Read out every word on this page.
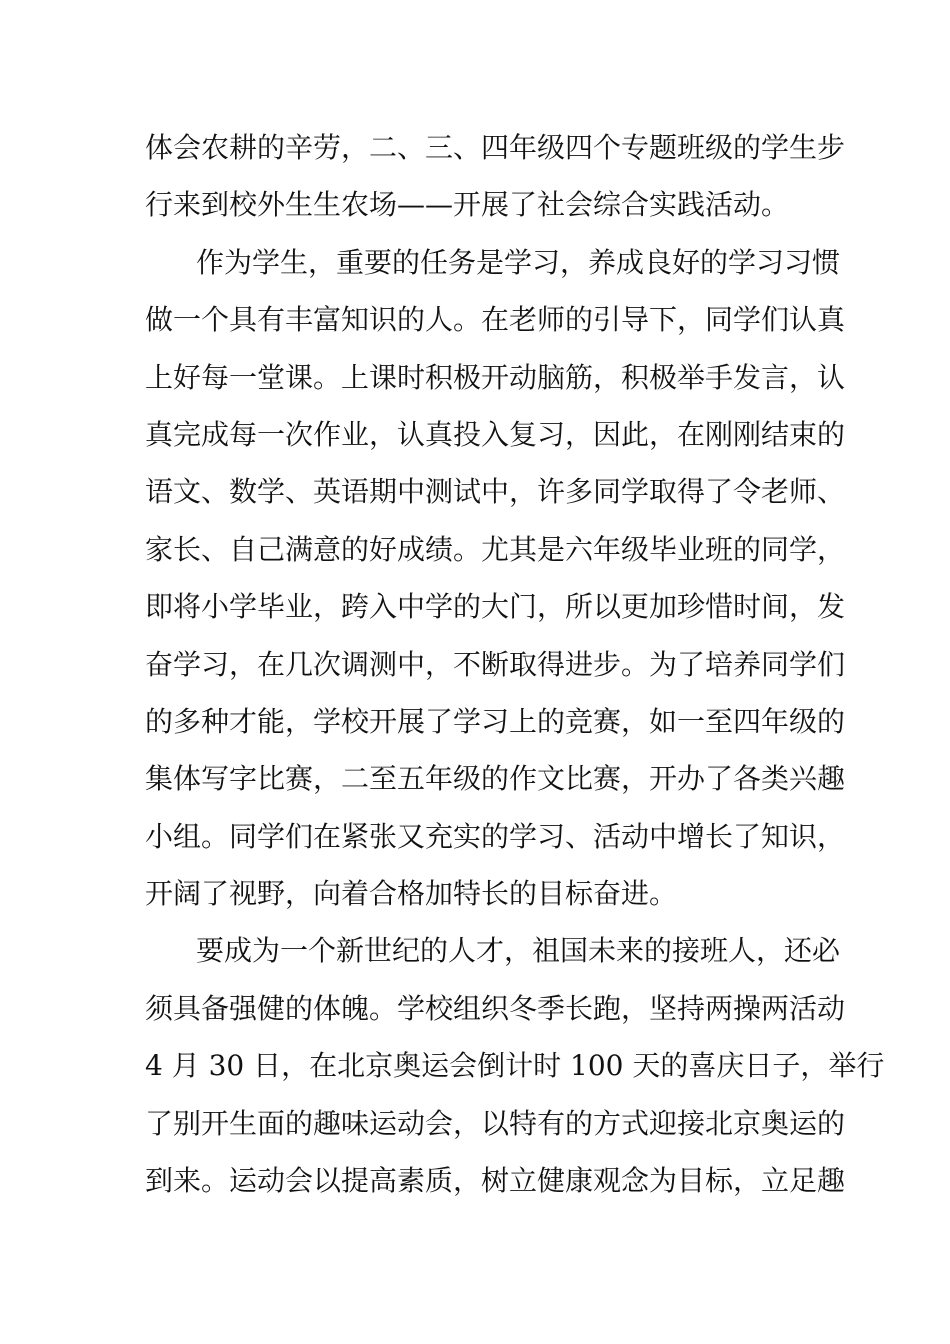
体会农耕的辛劳，二、三、四年级四个专题班级的学生步
行来到校外生生农场——开展了社会综合实践活动。
作为学生，重要的任务是学习，养成良好的学习习惯
做一个具有丰富知识的人。在老师的引导下，同学们认真
上好每一堂课。上课时积极开动脑筋，积极举手发言，认
真完成每一次作业，认真投入复习，因此，在刚刚结束的
语文、数学、英语期中测试中，许多同学取得了令老师、
家长、自己满意的好成绩。尤其是六年级毕业班的同学，
即将小学毕业，跨入中学的大门，所以更加珍惜时间，发
奋学习，在几次调测中，不断取得进步。为了培养同学们
的多种才能，学校开展了学习上的竞赛，如一至四年级的
集体写字比赛，二至五年级的作文比赛，开办了各类兴趣
小组。同学们在紧张又充实的学习、活动中增长了知识，
开阔了视野，向着合格加特长的目标奋进。
要成为一个新世纪的人才，祖国未来的接班人，还必
须具备强健的体魄。学校组织冬季长跑，坚持两操两活动
4 月 30 日，在北京奥运会倒计时 100 天的喜庆日子，举行
了别开生面的趣味运动会，以特有的方式迎接北京奥运的
到来。运动会以提高素质，树立健康观念为目标，立足趣
